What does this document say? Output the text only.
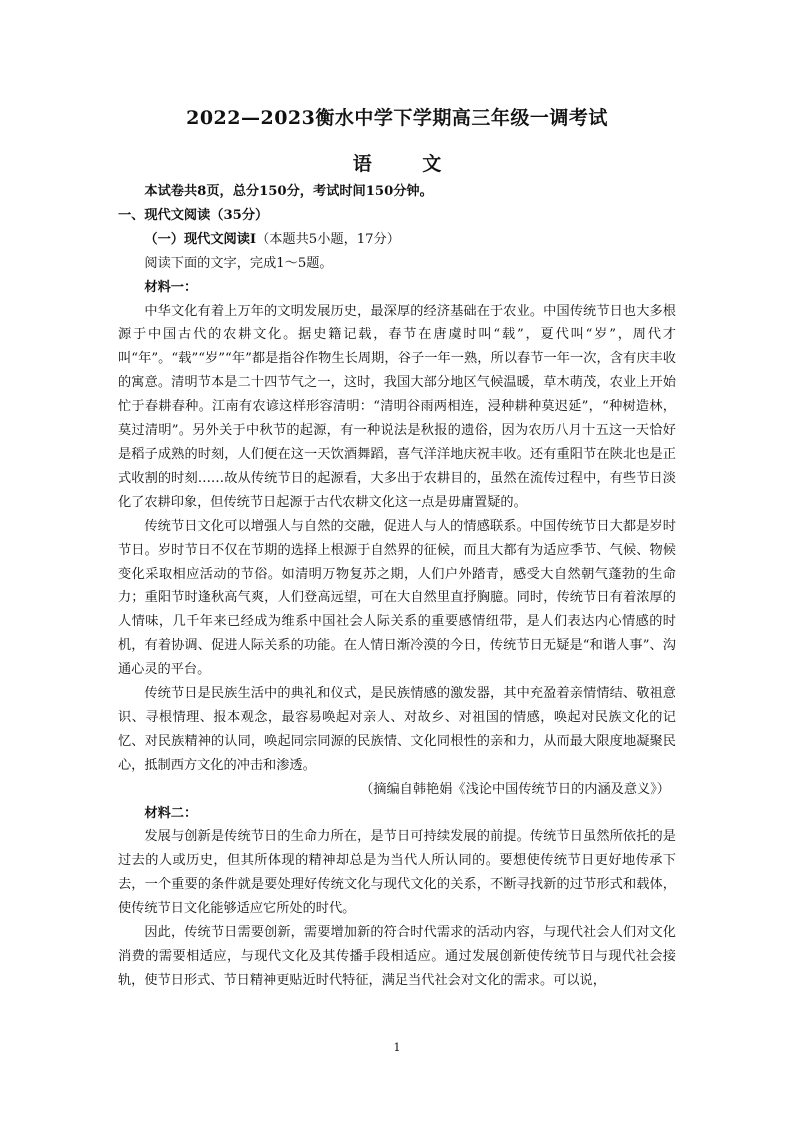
2022—2023衡水中学下学期高三年级一调考试
语 文

本试卷共8页，总分150分，考试时间150分钟。

一、现代文阅读（35分）

（一）现代文阅读I（本题共5小题，17分）

阅读下面的文字，完成1～5题。

材料一：

中华文化有着上万年的文明发展历史，最深厚的经济基础在于农业。中国传统节日也大多根源于中国古代的农耕文化。据史籍记载，春节在唐虞时叫“载”，夏代叫“岁”，周代才叫“年”。“载”“岁”“年”都是指谷作物生长周期，谷子一年一熟，所以春节一年一次，含有庆丰收的寓意。清明节本是二十四节气之一，这时，我国大部分地区气候温暖，草木萌茂，农业上开始忙于春耕春种。江南有农谚这样形容清明：“清明谷雨两相连，浸种耕种莫迟延”，“种树造林，莫过清明”。另外关于中秋节的起源，有一种说法是秋报的遗俗，因为农历八月十五这一天恰好是稻子成熟的时刻，人们便在这一天饮酒舞蹈，喜气洋洋地庆祝丰收。还有重阳节在陕北也是正式收割的时刻……故从传统节日的起源看，大多出于农耕目的，虽然在流传过程中，有些节日淡化了农耕印象，但传统节日起源于古代农耕文化这一点是毋庸置疑的。

传统节日文化可以增强人与自然的交融，促进人与人的情感联系。中国传统节日大都是岁时节日。岁时节日不仅在节期的选择上根源于自然界的征候，而且大都有为适应季节、气候、物候变化采取相应活动的节俗。如清明万物复苏之期，人们户外踏青，感受大自然朝气蓬勃的生命力；重阳节时逢秋高气爽，人们登高远望，可在大自然里直抒胸臆。同时，传统节日有着浓厚的人情味，几千年来已经成为维系中国社会人际关系的重要感情纽带，是人们表达内心情感的时机，有着协调、促进人际关系的功能。在人情日渐冷漠的今日，传统节日无疑是“和谐人事”、沟通心灵的平台。

传统节日是民族生活中的典礼和仪式，是民族情感的激发器，其中充盈着亲情情结、敬祖意识、寻根情理、报本观念，最容易唤起对亲人、对故乡、对祖国的情感，唤起对民族文化的记忆、对民族精神的认同，唤起同宗同源的民族情、文化同根性的亲和力，从而最大限度地凝聚民心，抵制西方文化的冲击和渗透。

（摘编自韩艳娟《浅论中国传统节日的内涵及意义》）

材料二：

发展与创新是传统节日的生命力所在，是节日可持续发展的前提。传统节日虽然所依托的是过去的人或历史，但其所体现的精神却总是为当代人所认同的。要想使传统节日更好地传承下去，一个重要的条件就是要处理好传统文化与现代文化的关系，不断寻找新的过节形式和载体，使传统节日文化能够适应它所处的时代。

因此，传统节日需要创新，需要增加新的符合时代需求的活动内容，与现代社会人们对文化消费的需要相适应，与现代文化及其传播手段相适应。通过发展创新使传统节日与现代社会接轨，使节日形式、节日精神更贴近时代特征，满足当代社会对文化的需求。可以说，

1
